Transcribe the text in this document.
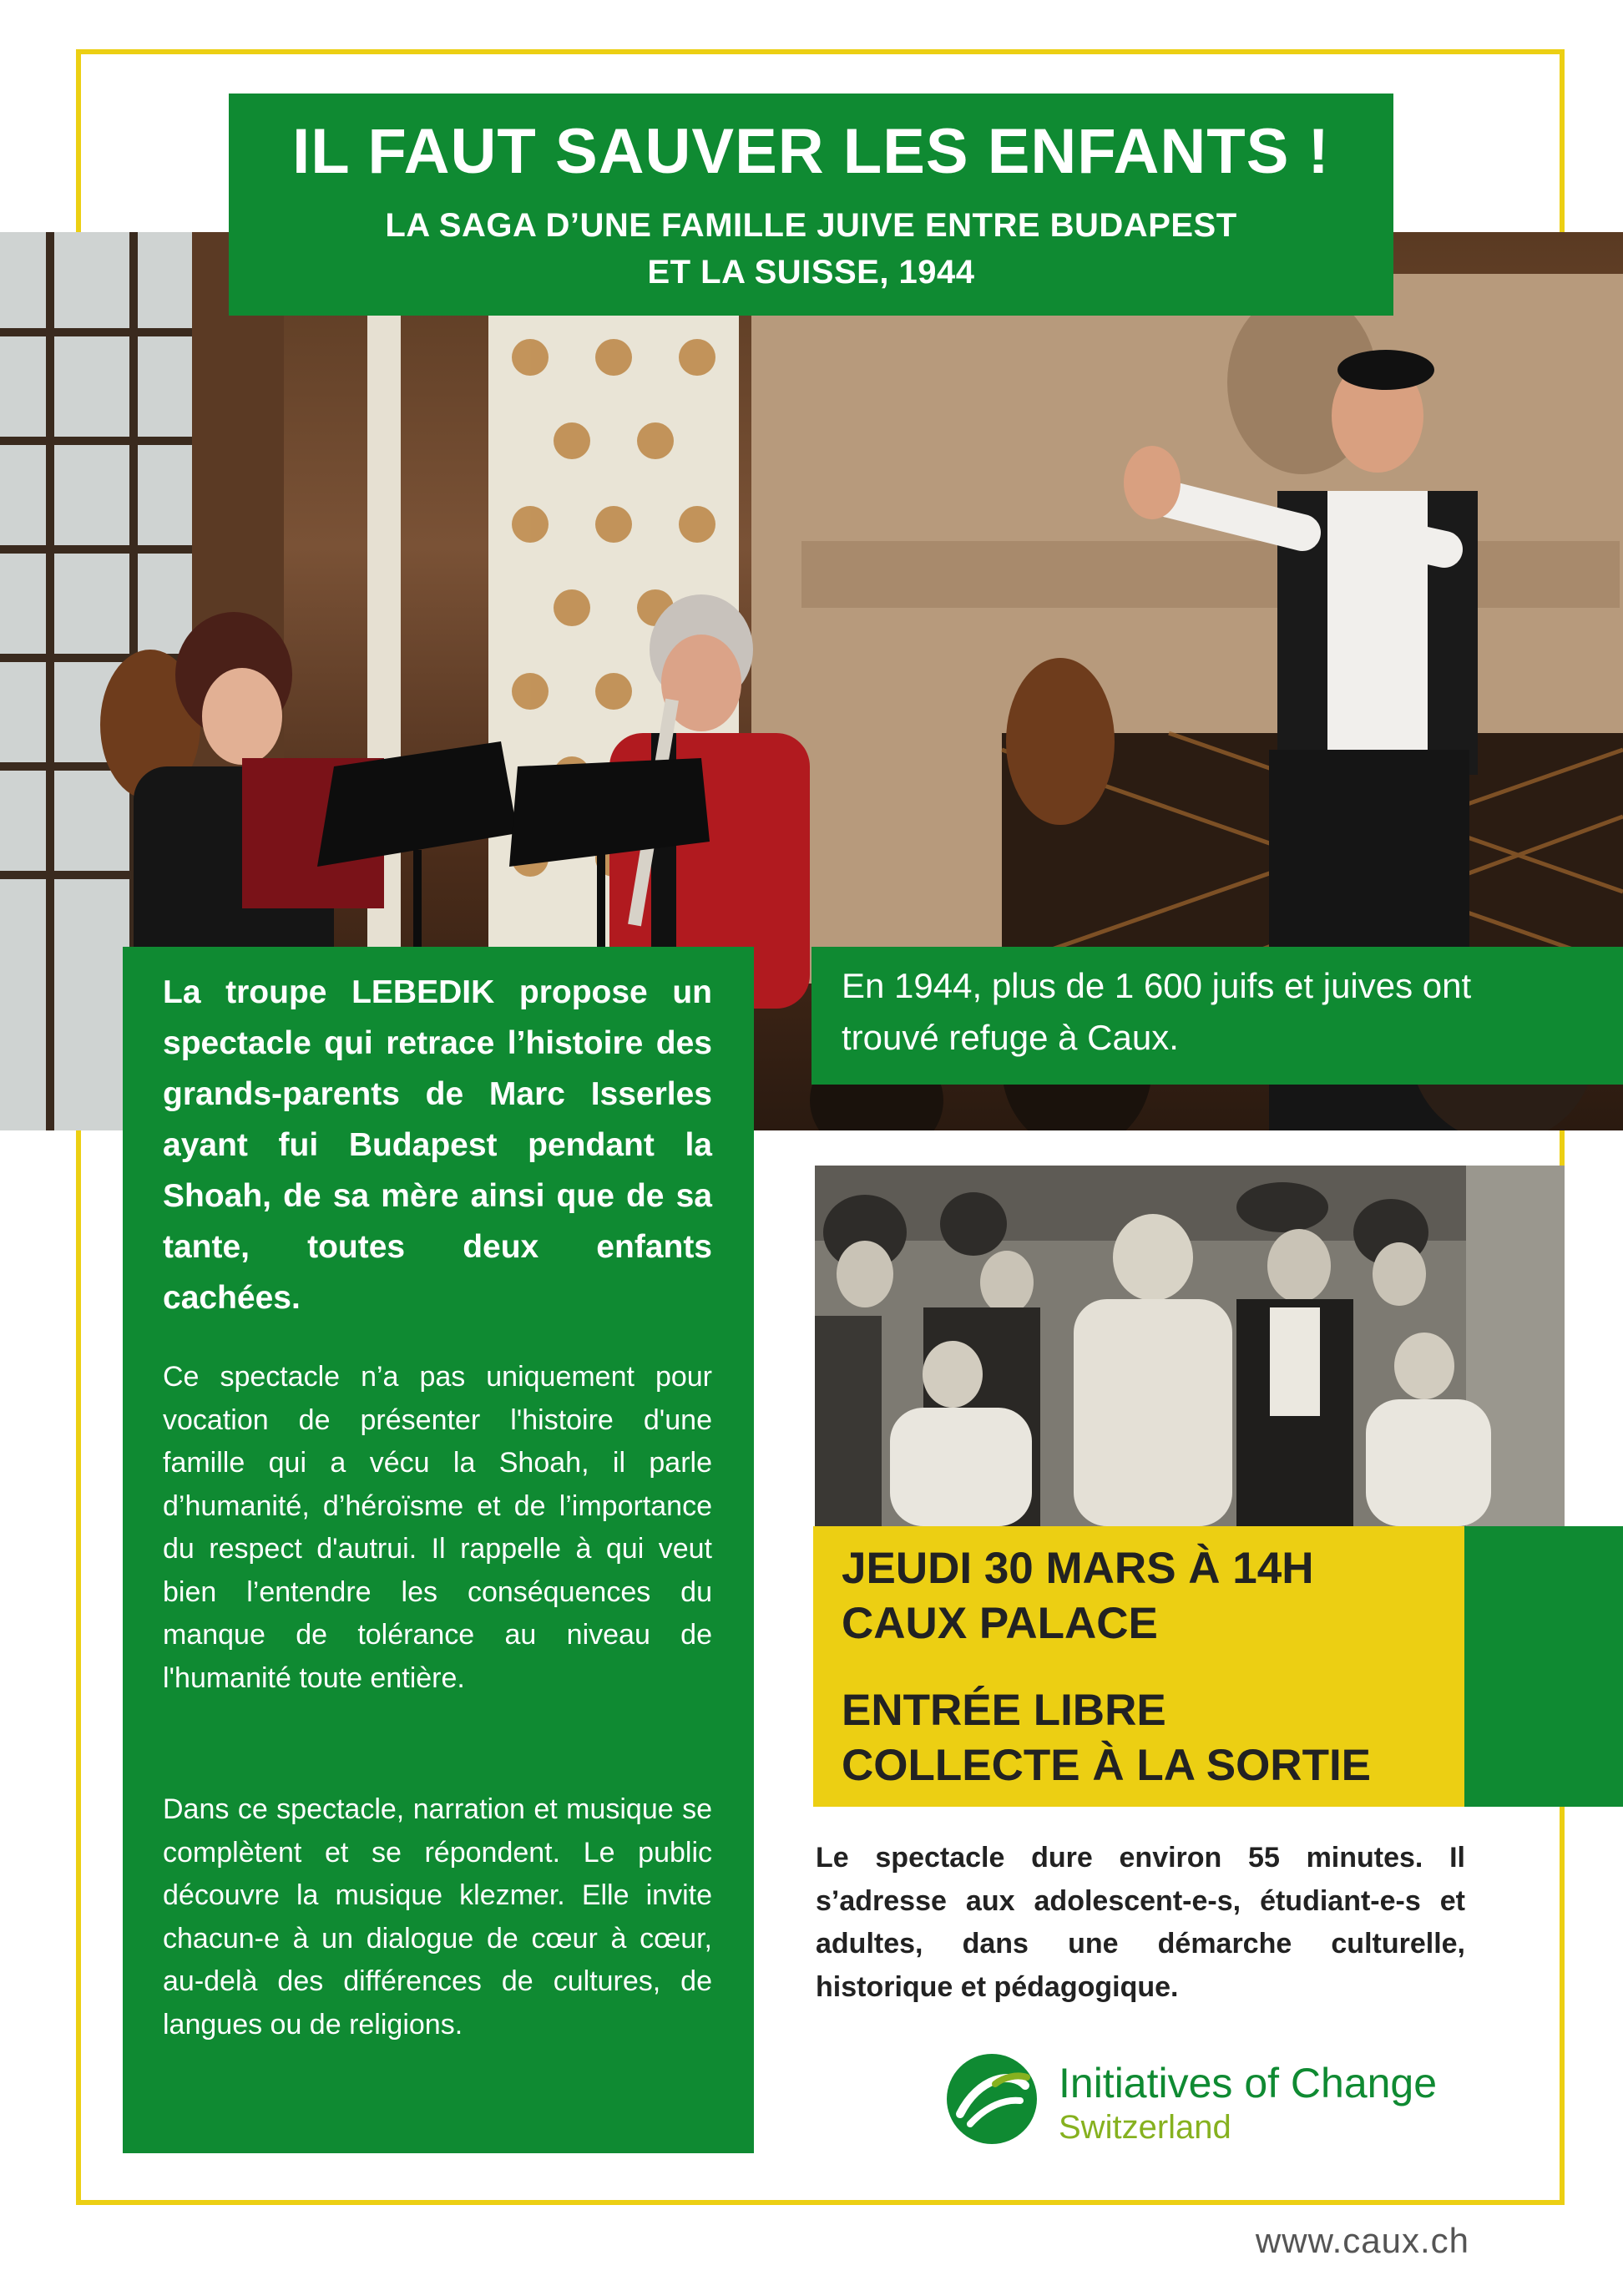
IL FAUT SAUVER LES ENFANTS !
LA SAGA D’UNE FAMILLE JUIVE ENTRE BUDAPEST
ET LA SUISSE, 1944
La troupe LEBEDIK propose un spectacle qui retrace l’histoire des grands-parents de Marc Isserles ayant fui Budapest pendant la Shoah, de sa mère ainsi que de sa tante, toutes deux enfants cachées.
Ce spectacle n’a pas uniquement pour vocation de présenter l'histoire d'une famille qui a vécu la Shoah, il parle d’humanité, d’héroïsme et de l’importance du respect d'autrui. Il rappelle à qui veut bien l’entendre les conséquences du manque de tolérance au niveau de l'humanité toute entière.
Dans ce spectacle, narration et musique se complètent et se répondent. Le public découvre la musique klezmer. Elle invite chacun-e à un dialogue de cœur à cœur, au-delà des différences de cultures, de langues ou de religions.
En 1944, plus de 1 600 juifs et juives ont trouvé refuge à Caux.
JEUDI 30 MARS À 14H
CAUX PALACE
ENTRÉE LIBRE
COLLECTE À LA SORTIE
Le spectacle dure environ 55 minutes. Il s’adresse aux adolescent-e-s, étudiant-e-s et adultes, dans une démarche culturelle, historique et pédagogique.
Initiatives of Change
Switzerland
www.caux.ch
